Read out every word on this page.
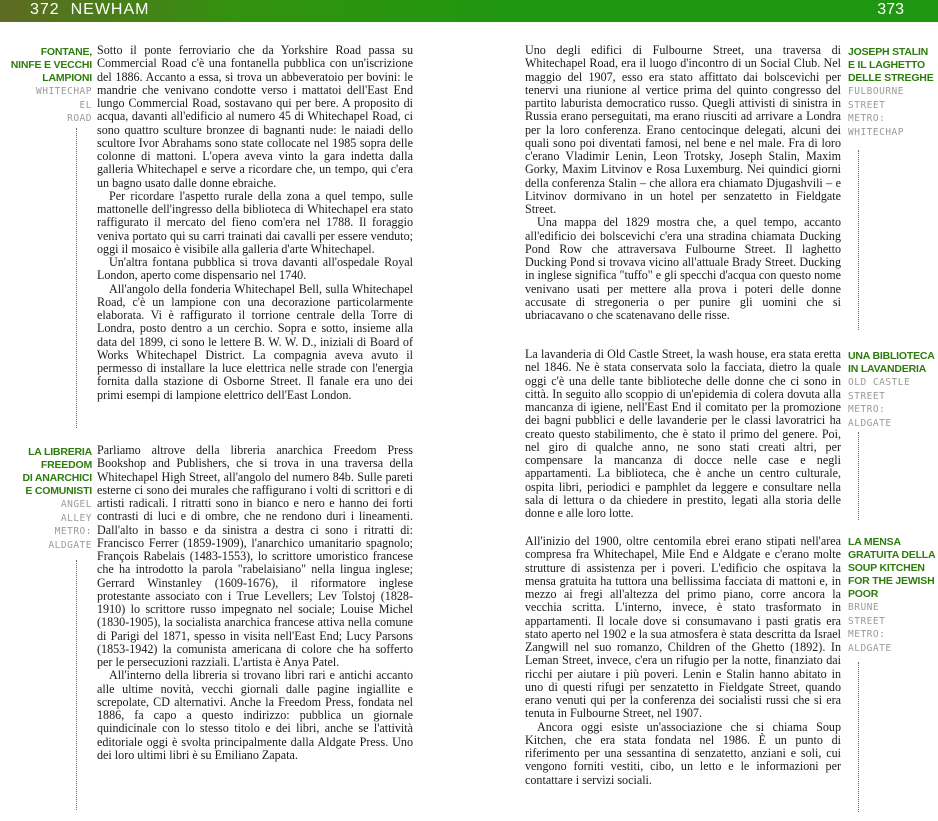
372 NEWHAM	373
FONTANE,
NINFE E VECCHI
LAMPIONI
WHITECHAP
EL
ROAD

Sotto il ponte ferroviario che da Yorkshire Road passa su Commercial Road c'è una fontanella pubblica con un'iscrizione del 1886. Accanto a essa, si trova un abbeveratoio per bovini: le mandrie che venivano condotte verso i mattatoi dell'East End lungo Commercial Road, sostavano qui per bere. A proposito di acqua, davanti all'edificio al numero 45 di Whitechapel Road, ci sono quattro sculture bronzee di bagnanti nude: le naiadi dello scultore Ivor Abrahams sono state collocate nel 1985 sopra delle colonne di mattoni. L'opera aveva vinto la gara indetta dalla galleria Whitechapel e serve a ricordare che, un tempo, qui c'era un bagno usato dalle donne ebraiche.

Per ricordare l'aspetto rurale della zona a quel tempo, sulle mattonelle dell'ingresso della biblioteca di Whitechapel era stato raffigurato il mercato del fieno com'era nel 1788. Il foraggio veniva portato qui su carri trainati dai cavalli per essere venduto; oggi il mosaico è visibile alla galleria d'arte Whitechapel.

Un'altra fontana pubblica si trova davanti all'ospedale Royal London, aperto come dispensario nel 1740.

All'angolo della fonderia Whitechapel Bell, sulla Whitechapel Road, c'è un lampione con una decorazione particolarmente elaborata. Vi è raffigurato il torrione centrale della Torre di Londra, posto dentro a un cerchio. Sopra e sotto, insieme alla data del 1899, ci sono le lettere B. W. W. D., iniziali di Board of Works Whitechapel District. La compagnia aveva avuto il permesso di installare la luce elettrica nelle strade con l'energia fornita dalla stazione di Osborne Street. Il fanale era uno dei primi esempi di lampione elettrico dell'East London.

LA LIBRERIA
FREEDOM
DI ANARCHICI
E COMUNISTI
ANGEL
ALLEY
METRO:
ALDGATE

Parliamo altrove della libreria anarchica Freedom Press Bookshop and Publishers, che si trova in una traversa della Whitechapel High Street, all'angolo del numero 84b. Sulle pareti esterne ci sono dei murales che raffigurano i volti di scrittori e di artisti radicali. I ritratti sono in bianco e nero e hanno dei forti contrasti di luci e di ombre, che ne rendono duri i lineamenti. Dall'alto in basso e da sinistra a destra ci sono i ritratti di: Francisco Ferrer (1859-1909), l'anarchico umanitario spagnolo; François Rabelais (1483-1553), lo scrittore umoristico francese che ha introdotto la parola "rabelaisiano" nella lingua inglese; Gerrard Winstanley (1609-1676), il riformatore inglese protestante associato con i True Levellers; Lev Tolstoj (1828-1910) lo scrittore russo impegnato nel sociale; Louise Michel (1830-1905), la socialista anarchica francese attiva nella comune di Parigi del 1871, spesso in visita nell'East End; Lucy Parsons (1853-1942) la comunista americana di colore che ha sofferto per le persecuzioni razziali. L'artista è Anya Patel.

All'interno della libreria si trovano libri rari e antichi accanto alle ultime novità, vecchi giornali dalle pagine ingiallite e screpolate, CD alternativi. Anche la Freedom Press, fondata nel 1886, fa capo a questo indirizzo: pubblica un giornale quindicinale con lo stesso titolo e dei libri, anche se l'attività editoriale oggi è svolta principalmente dalla Aldgate Press. Uno dei loro ultimi libri è su Emiliano Zapata.

Uno degli edifici di Fulbourne Street, una traversa di Whitechapel Road, era il luogo d'incontro di un Social Club. Nel maggio del 1907, esso era stato affittato dai bolscevichi per tenervi una riunione al vertice prima del quinto congresso del partito laburista democratico russo. Quegli attivisti di sinistra in Russia erano perseguitati, ma erano riusciti ad arrivare a Londra per la loro conferenza. Erano centocinque delegati, alcuni dei quali sono poi diventati famosi, nel bene e nel male. Fra di loro c'erano Vladimir Lenin, Leon Trotsky, Joseph Stalin, Maxim Gorky, Maxim Litvinov e Rosa Luxemburg. Nei quindici giorni della conferenza Stalin – che allora era chiamato Djugashvili – e Litvinov dormivano in un hotel per senzatetto in Fieldgate Street.

Una mappa del 1829 mostra che, a quel tempo, accanto all'edificio dei bolscevichi c'era una stradina chiamata Ducking Pond Row che attraversava Fulbourne Street. Il laghetto Ducking Pond si trovava vicino all'attuale Brady Street. Ducking in inglese significa "tuffo" e gli specchi d'acqua con questo nome venivano usati per mettere alla prova i poteri delle donne accusate di stregoneria o per punire gli uomini che si ubriacavano o che scatenavano delle risse.

JOSEPH STALIN
E IL LAGHETTO
DELLE STREGHE
FULBOURNE
STREET
METRO:
WHITECHAP

La lavanderia di Old Castle Street, la wash house, era stata eretta nel 1846. Ne è stata conservata solo la facciata, dietro la quale oggi c'è una delle tante biblioteche delle donne che ci sono in città. In seguito allo scoppio di un'epidemia di colera dovuta alla mancanza di igiene, nell'East End il comitato per la promozione dei bagni pubblici e delle lavanderie per le classi lavoratrici ha creato questo stabilimento, che è stato il primo del genere. Poi, nel giro di qualche anno, ne sono stati creati altri, per compensare la mancanza di docce nelle case e negli appartamenti. La biblioteca, che è anche un centro culturale, ospita libri, periodici e pamphlet da leggere e consultare nella sala di lettura o da chiedere in prestito, legati alla storia delle donne e alle loro lotte.

UNA BIBLIOTECA
IN LAVANDERIA
OLD CASTLE
STREET
METRO:
ALDGATE

All'inizio del 1900, oltre centomila ebrei erano stipati nell'area compresa fra Whitechapel, Mile End e Aldgate e c'erano molte strutture di assistenza per i poveri. L'edificio che ospitava la mensa gratuita ha tuttora una bellissima facciata di mattoni e, in mezzo ai fregi all'altezza del primo piano, corre ancora la vecchia scritta. L'interno, invece, è stato trasformato in appartamenti. Il locale dove si consumavano i pasti gratis era stato aperto nel 1902 e la sua atmosfera è stata descritta da Israel Zangwill nel suo romanzo, Children of the Ghetto (1892). In Leman Street, invece, c'era un rifugio per la notte, finanziato dai ricchi per aiutare i più poveri. Lenin e Stalin hanno abitato in uno di questi rifugi per senzatetto in Fieldgate Street, quando erano venuti qui per la conferenza dei socialisti russi che si era tenuta in Fulbourne Street, nel 1907.

Ancora oggi esiste un'associazione che si chiama Soup Kitchen, che era stata fondata nel 1986. È un punto di riferimento per una sessantina di senzatetto, anziani e soli, cui vengono forniti vestiti, cibo, un letto e le informazioni per contattare i servizi sociali.

LA MENSA
GRATUITA DELLA
SOUP KITCHEN
FOR THE JEWISH
POOR
BRUNE
STREET
METRO:
ALDGATE
